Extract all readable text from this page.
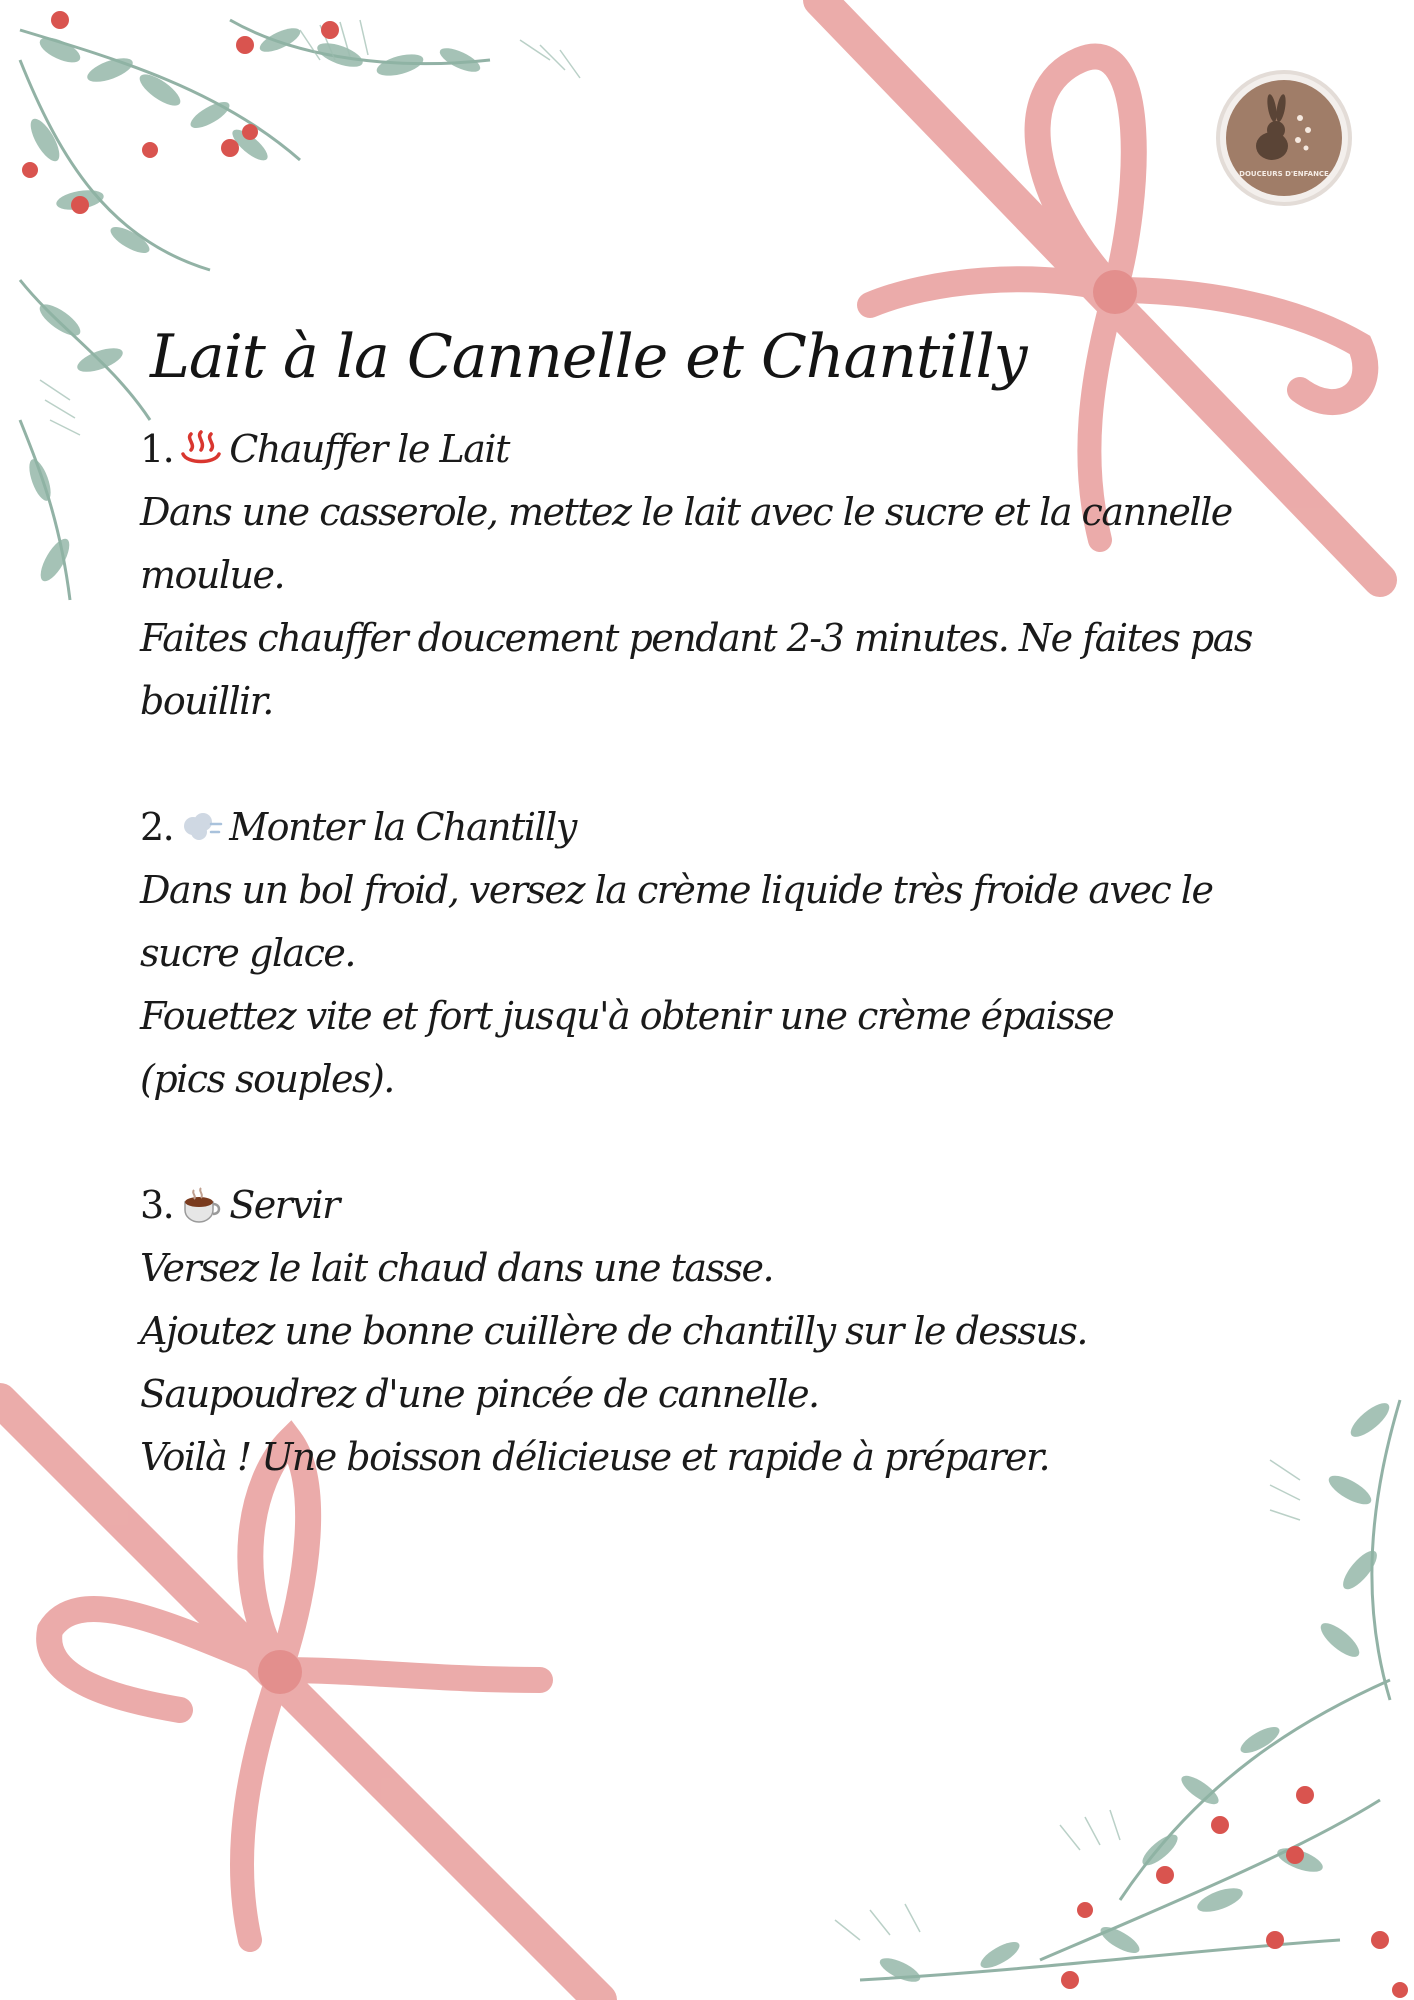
DOUCEURS D'ENFANCE
Lait à la Cannelle et Chantilly
1. Chauffer le Lait
Dans une casserole, mettez le lait avec le sucre et la cannelle
moulue.
Faites chauffer doucement pendant 2-3 minutes. Ne faites pas
bouillir.
2. Monter la Chantilly
Dans un bol froid, versez la crème liquide très froide avec le
sucre glace.
Fouettez vite et fort jusqu'à obtenir une crème épaisse
(pics souples).
3. Servir
Versez le lait chaud dans une tasse.
Ajoutez une bonne cuillère de chantilly sur le dessus.
Saupoudrez d'une pincée de cannelle.
Voilà ! Une boisson délicieuse et rapide à préparer.
